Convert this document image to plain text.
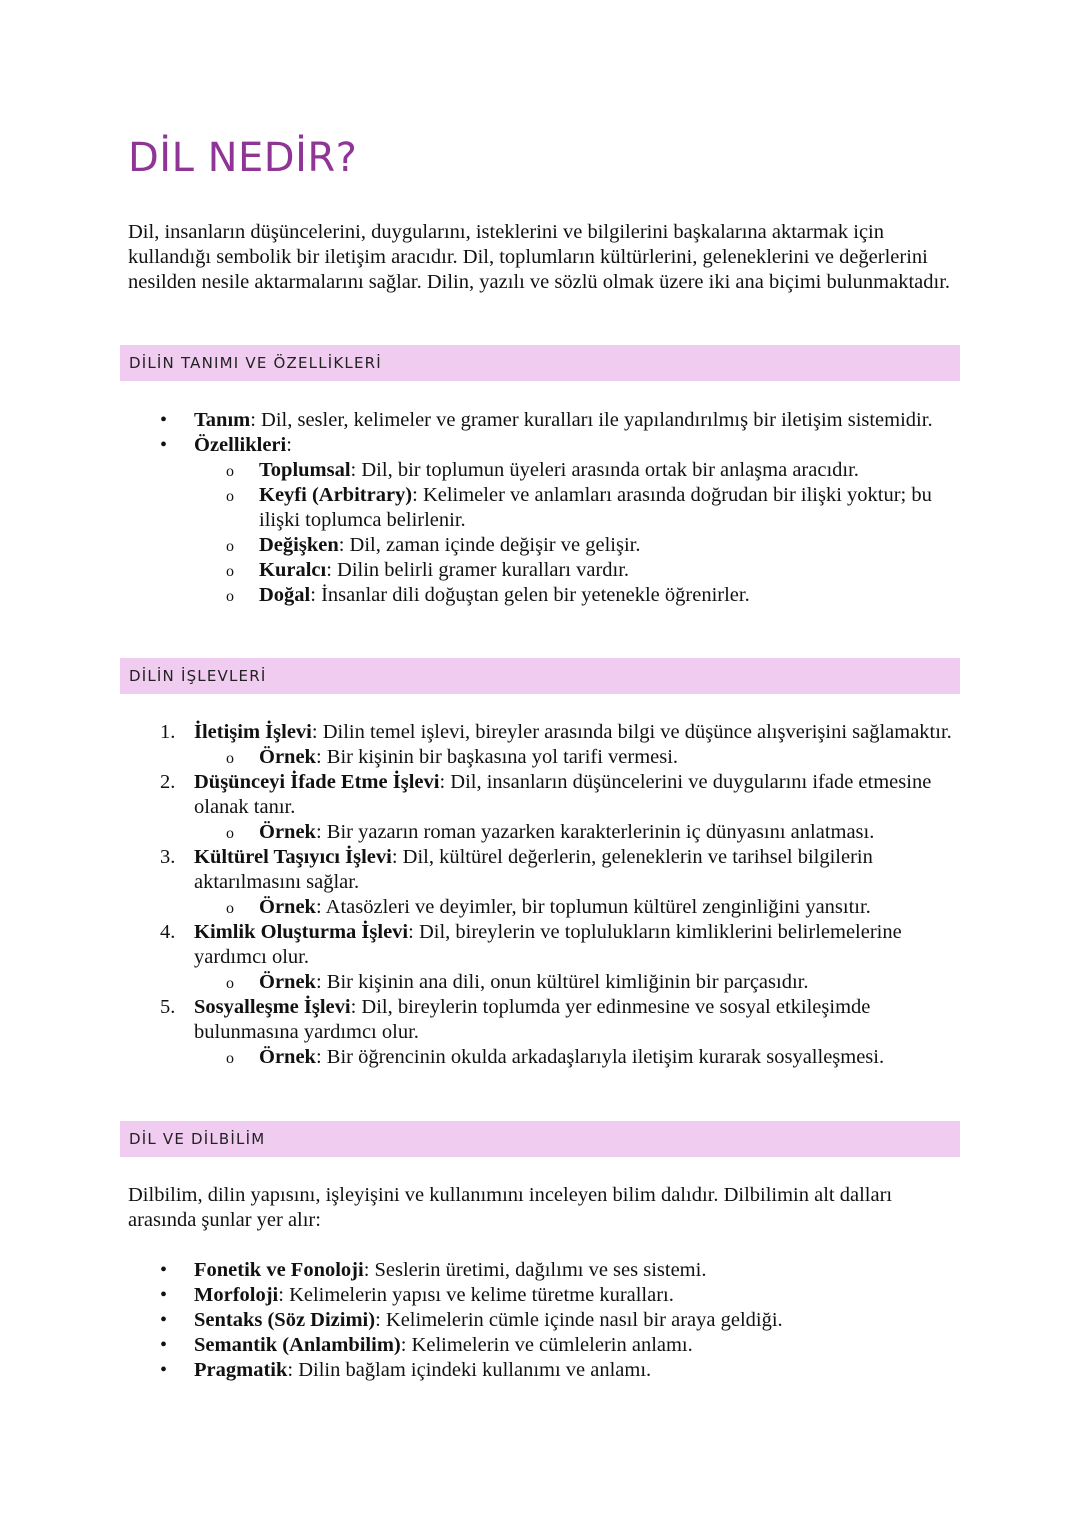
DİL NEDİR?

Dil, insanların düşüncelerini, duygularını, isteklerini ve bilgilerini başkalarına aktarmak için kullandığı sembolik bir iletişim aracıdır. Dil, toplumların kültürlerini, geleneklerini ve değerlerini nesilden nesile aktarmalarını sağlar. Dilin, yazılı ve sözlü olmak üzere iki ana biçimi bulunmaktadır.

DİLİN TANIMI VE ÖZELLİKLERİ
• Tanım: Dil, sesler, kelimeler ve gramer kuralları ile yapılandırılmış bir iletişim sistemidir.
• Özellikleri:
o Toplumsal: Dil, bir toplumun üyeleri arasında ortak bir anlaşma aracıdır.
o Keyfi (Arbitrary): Kelimeler ve anlamları arasında doğrudan bir ilişki yoktur; bu ilişki toplumca belirlenir.
o Değişken: Dil, zaman içinde değişir ve gelişir.
o Kuralcı: Dilin belirli gramer kuralları vardır.
o Doğal: İnsanlar dili doğuştan gelen bir yetenekle öğrenirler.
DİLİN İŞLEVLERİ
1. İletişim İşlevi: Dilin temel işlevi, bireyler arasında bilgi ve düşünce alışverişini sağlamaktır.
o Örnek: Bir kişinin bir başkasına yol tarifi vermesi.
2. Düşünceyi İfade Etme İşlevi: Dil, insanların düşüncelerini ve duygularını ifade etmesine olanak tanır.
o Örnek: Bir yazarın roman yazarken karakterlerinin iç dünyasını anlatması.
3. Kültürel Taşıyıcı İşlevi: Dil, kültürel değerlerin, geleneklerin ve tarihsel bilgilerin aktarılmasını sağlar.
o Örnek: Atasözleri ve deyimler, bir toplumun kültürel zenginliğini yansıtır.
4. Kimlik Oluşturma İşlevi: Dil, bireylerin ve toplulukların kimliklerini belirlemelerine yardımcı olur.
o Örnek: Bir kişinin ana dili, onun kültürel kimliğinin bir parçasıdır.
5. Sosyalleşme İşlevi: Dil, bireylerin toplumda yer edinmesine ve sosyal etkileşimde bulunmasına yardımcı olur.
o Örnek: Bir öğrencinin okulda arkadaşlarıyla iletişim kurarak sosyalleşmesi.
DİL VE DİLBİLİM

Dilbilim, dilin yapısını, işleyişini ve kullanımını inceleyen bilim dalıdır. Dilbilimin alt dalları arasında şunlar yer alır:

• Fonetik ve Fonoloji: Seslerin üretimi, dağılımı ve ses sistemi.
• Morfoloji: Kelimelerin yapısı ve kelime türetme kuralları.
• Sentaks (Söz Dizimi): Kelimelerin cümle içinde nasıl bir araya geldiği.
• Semantik (Anlambilim): Kelimelerin ve cümlelerin anlamı.
• Pragmatik: Dilin bağlam içindeki kullanımı ve anlamı.
